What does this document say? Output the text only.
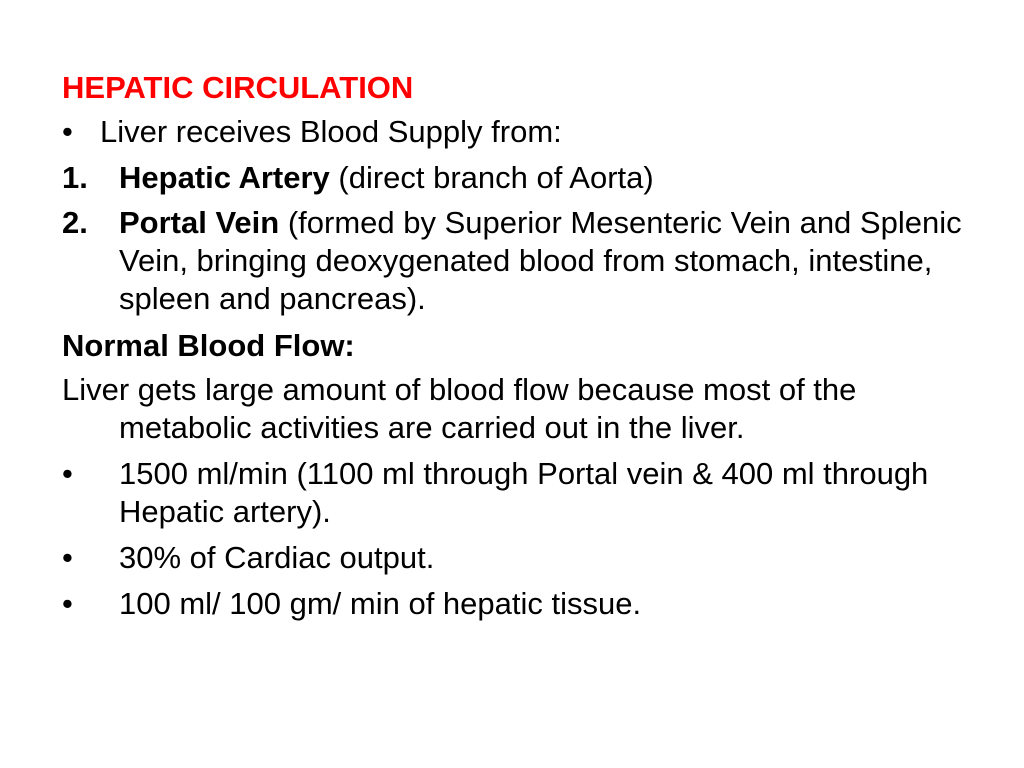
HEPATIC CIRCULATION
• Liver receives Blood Supply from:
1. Hepatic Artery (direct branch of Aorta)
2. Portal Vein (formed by Superior Mesenteric Vein and Splenic Vein, bringing deoxygenated blood from stomach, intestine, spleen and pancreas).
Normal Blood Flow:
Liver gets large amount of blood flow because most of the metabolic activities are carried out in the liver.
• 1500 ml/min (1100 ml through Portal vein & 400 ml through Hepatic artery).
• 30% of Cardiac output.
• 100 ml/ 100 gm/ min of hepatic tissue.
